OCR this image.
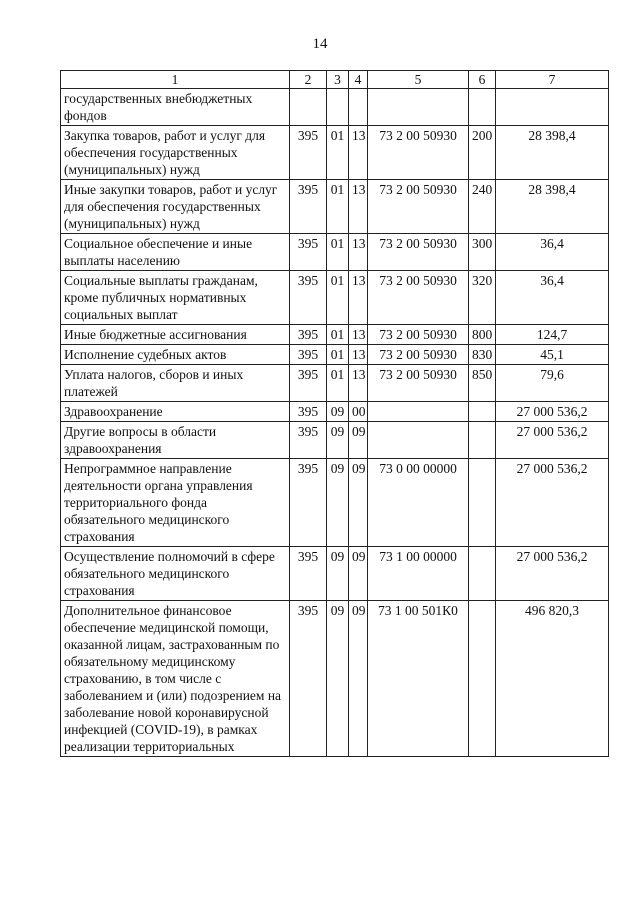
14
1	2	3	4	5	6	7
государственных внебюджетных фондов						
Закупка товаров, работ и услуг для обеспечения государственных (муниципальных) нужд	395	01	13	73 2 00 50930	200	28 398,4
Иные закупки товаров, работ и услуг для обеспечения государственных (муниципальных) нужд	395	01	13	73 2 00 50930	240	28 398,4
Социальное обеспечение и иные выплаты населению	395	01	13	73 2 00 50930	300	36,4
Социальные выплаты гражданам, кроме публичных нормативных социальных выплат	395	01	13	73 2 00 50930	320	36,4
Иные бюджетные ассигнования	395	01	13	73 2 00 50930	800	124,7
Исполнение судебных актов	395	01	13	73 2 00 50930	830	45,1
Уплата налогов, сборов и иных платежей	395	01	13	73 2 00 50930	850	79,6
Здравоохранение	395	09	00			27 000 536,2
Другие вопросы в области здравоохранения	395	09	09			27 000 536,2
Непрограммное направление деятельности органа управления территориального фонда обязательного медицинского страхования	395	09	09	73 0 00 00000		27 000 536,2
Осуществление полномочий в сфере обязательного медицинского страхования	395	09	09	73 1 00 00000		27 000 536,2
Дополнительное финансовое обеспечение медицинской помощи, оказанной лицам, застрахованным по обязательному медицинскому страхованию, в том числе с заболеванием и (или) подозрением на заболевание новой коронавирусной инфекцией (COVID-19), в рамках реализации территориальных	395	09	09	73 1 00 501К0		496 820,3
